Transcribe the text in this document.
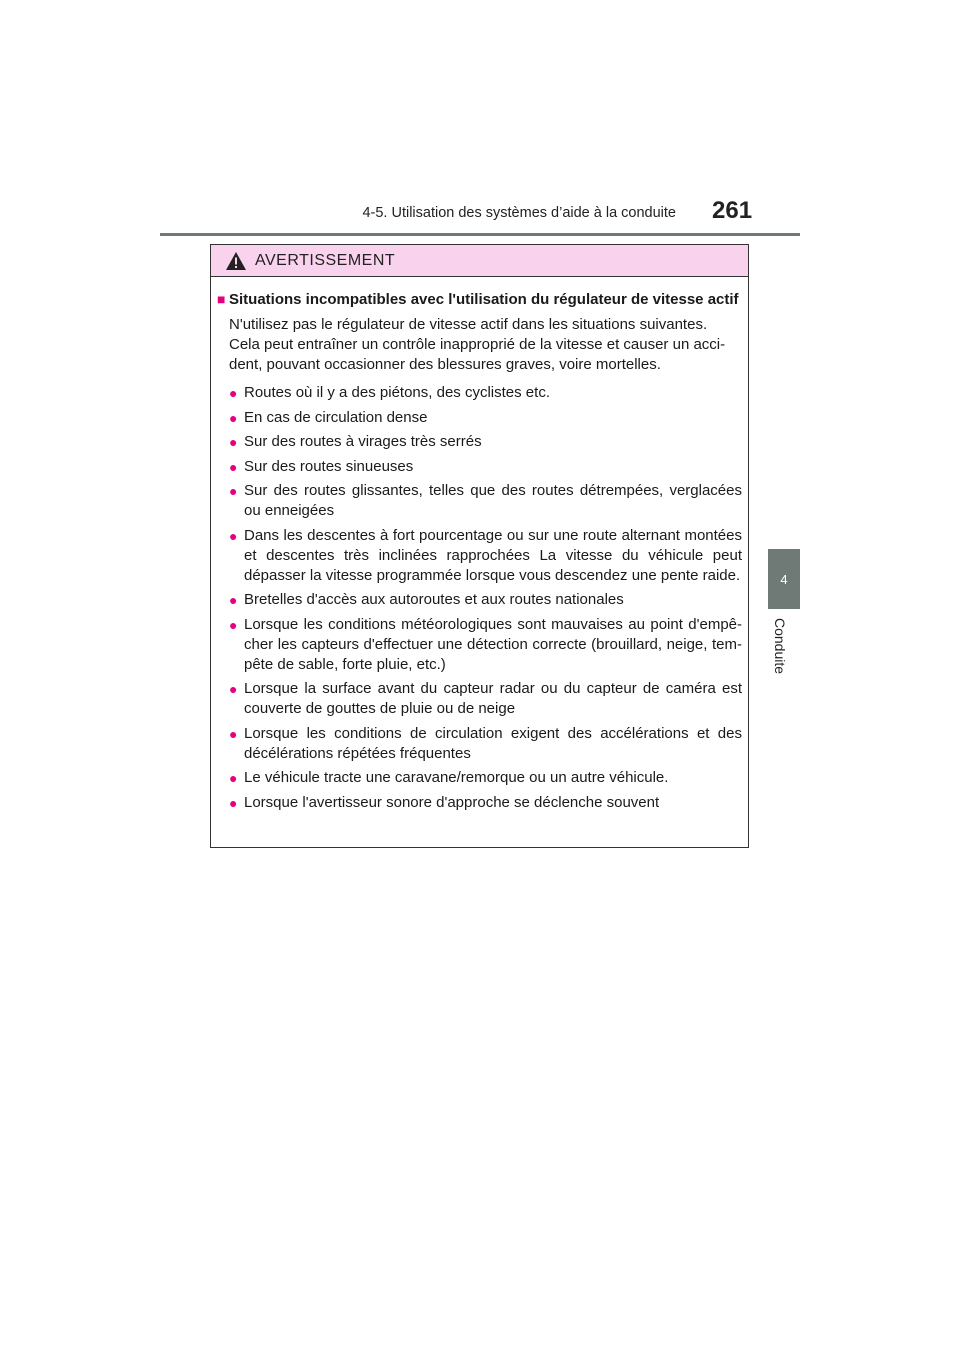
4-5. Utilisation des systèmes d’aide à la conduite 261
4
Conduite
AVERTISSEMENT
■ Situations incompatibles avec l'utilisation du régulateur de vitesse actif

N'utilisez pas le régulateur de vitesse actif dans les situations suivantes.

Cela peut entraîner un contrôle inapproprié de la vitesse et causer un acci-dent, pouvant occasionner des blessures graves, voire mortelles.

● Routes où il y a des piétons, des cyclistes etc.
● En cas de circulation dense
● Sur des routes à virages très serrés
● Sur des routes sinueuses
● Sur des routes glissantes, telles que des routes détrempées, verglacées ou enneigées
● Dans les descentes à fort pourcentage ou sur une route alternant montées et descentes très inclinées rapprochées La vitesse du véhicule peut dépasser la vitesse programmée lorsque vous descendez une pente raide.
● Bretelles d'accès aux autoroutes et aux routes nationales
● Lorsque les conditions météorologiques sont mauvaises au point d'empê-cher les capteurs d'effectuer une détection correcte (brouillard, neige, tem-pête de sable, forte pluie, etc.)
● Lorsque la surface avant du capteur radar ou du capteur de caméra est couverte de gouttes de pluie ou de neige
● Lorsque les conditions de circulation exigent des accélérations et des décélérations répétées fréquentes
● Le véhicule tracte une caravane/remorque ou un autre véhicule.
● Lorsque l'avertisseur sonore d'approche se déclenche souvent
